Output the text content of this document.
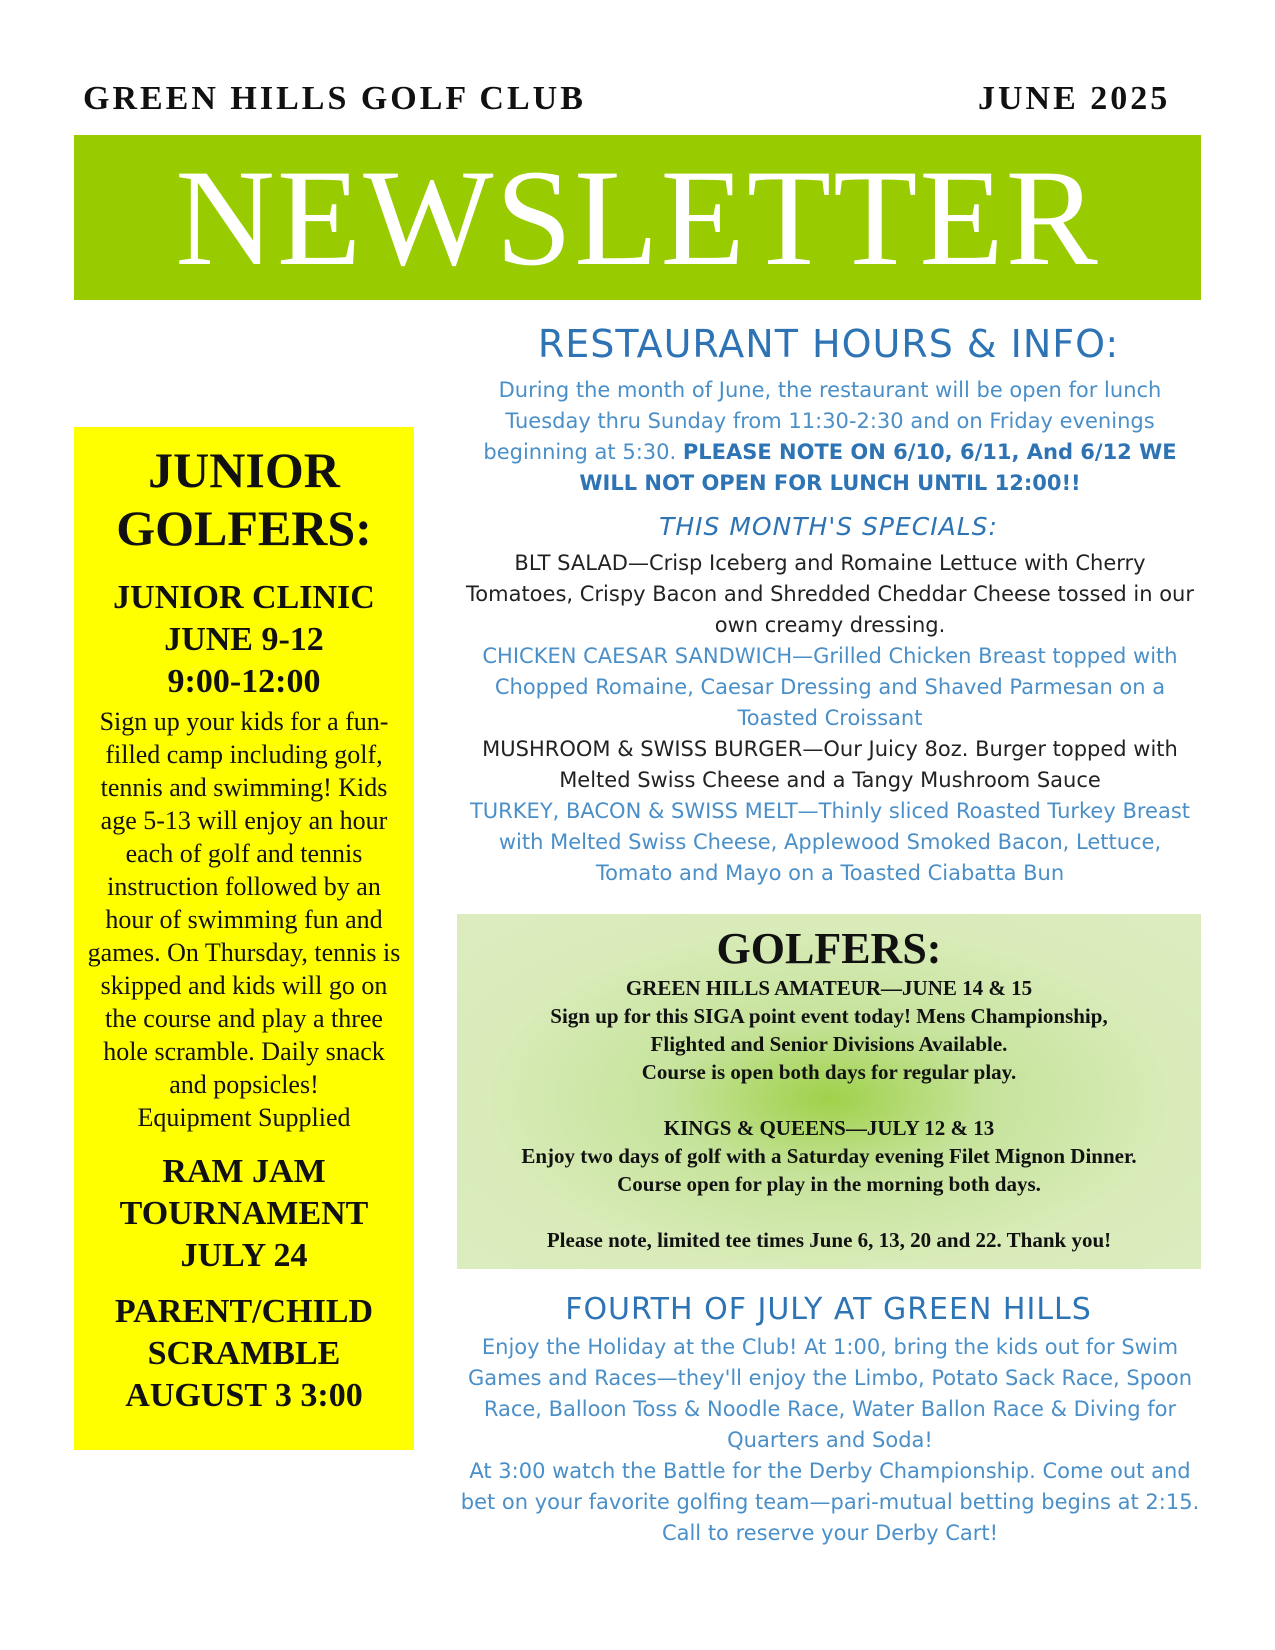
GREEN HILLS GOLF CLUB	JUNE 2025
NEWSLETTER
JUNIOR
GOLFERS:
JUNIOR CLINIC
JUNE 9-12
9:00-12:00

Sign up your kids for a fun-filled camp including golf, tennis and swimming! Kids age 5-13 will enjoy an hour each of golf and tennis instruction followed by an hour of swimming fun and games. On Thursday, tennis is skipped and kids will go on the course and play a three hole scramble. Daily snack and popsicles!

Equipment Supplied
RAM JAM
TOURNAMENT
JULY 24
PARENT/CHILD
SCRAMBLE
AUGUST 3 3:00
RESTAURANT HOURS & INFO:
During the month of June, the restaurant will be open for lunch Tuesday thru Sunday from 11:30-2:30 and on Friday evenings beginning at 5:30. PLEASE NOTE ON 6/10, 6/11, And 6/12 WE WILL NOT OPEN FOR LUNCH UNTIL 12:00!!
THIS MONTH'S SPECIALS:
BLT SALAD—Crisp Iceberg and Romaine Lettuce with Cherry Tomatoes, Crispy Bacon and Shredded Cheddar Cheese tossed in our own creamy dressing.
CHICKEN CAESAR SANDWICH—Grilled Chicken Breast topped with Chopped Romaine, Caesar Dressing and Shaved Parmesan on a Toasted Croissant
MUSHROOM & SWISS BURGER—Our Juicy 8oz. Burger topped with Melted Swiss Cheese and a Tangy Mushroom Sauce
TURKEY, BACON & SWISS MELT—Thinly sliced Roasted Turkey Breast with Melted Swiss Cheese, Applewood Smoked Bacon, Lettuce, Tomato and Mayo on a Toasted Ciabatta Bun
GOLFERS:
GREEN HILLS AMATEUR—JUNE 14 & 15
Sign up for this SIGA point event today! Mens Championship,
Flighted and Senior Divisions Available.
Course is open both days for regular play.
KINGS & QUEENS—JULY 12 & 13
Enjoy two days of golf with a Saturday evening Filet Mignon Dinner.
Course open for play in the morning both days.
Please note, limited tee times June 6, 13, 20 and 22. Thank you!
FOURTH OF JULY AT GREEN HILLS
Enjoy the Holiday at the Club! At 1:00, bring the kids out for Swim Games and Races—they'll enjoy the Limbo, Potato Sack Race, Spoon Race, Balloon Toss & Noodle Race, Water Ballon Race & Diving for Quarters and Soda!
At 3:00 watch the Battle for the Derby Championship. Come out and bet on your favorite golfing team—pari-mutual betting begins at 2:15. Call to reserve your Derby Cart!
